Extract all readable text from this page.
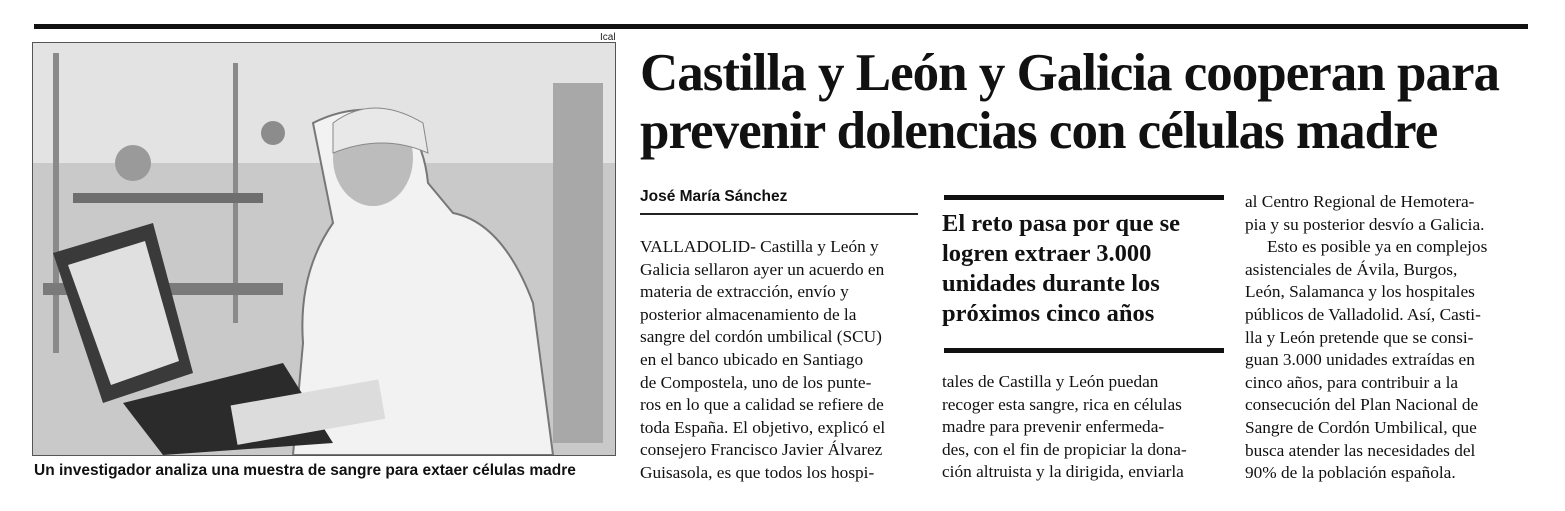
Ical
Un investigador analiza una muestra de sangre para extaer células madre
Castilla y León y Galicia cooperan para
prevenir dolencias con células madre
José María Sánchez
VALLADOLID- Castilla y León y
Galicia sellaron ayer un acuerdo en
materia de extracción, envío y
posterior almacenamiento de la
sangre del cordón umbilical (SCU)
en el banco ubicado en Santiago
de Compostela, uno de los punte-
ros en lo que a calidad se refiere de
toda España. El objetivo, explicó el
consejero Francisco Javier Álvarez
Guisasola, es que todos los hospi-
El reto pasa por que se
logren extraer 3.000
unidades durante los
próximos cinco años
tales de Castilla y León puedan
recoger esta sangre, rica en células
madre para prevenir enfermeda-
des, con el fin de propiciar la dona-
ción altruista y la dirigida, enviarla
al Centro Regional de Hemotera-
pia y su posterior desvío a Galicia.
Esto es posible ya en complejos
asistenciales de Ávila, Burgos,
León, Salamanca y los hospitales
públicos de Valladolid. Así, Casti-
lla y León pretende que se consi-
guan 3.000 unidades extraídas en
cinco años, para contribuir a la
consecución del Plan Nacional de
Sangre de Cordón Umbilical, que
busca atender las necesidades del
90% de la población española.
